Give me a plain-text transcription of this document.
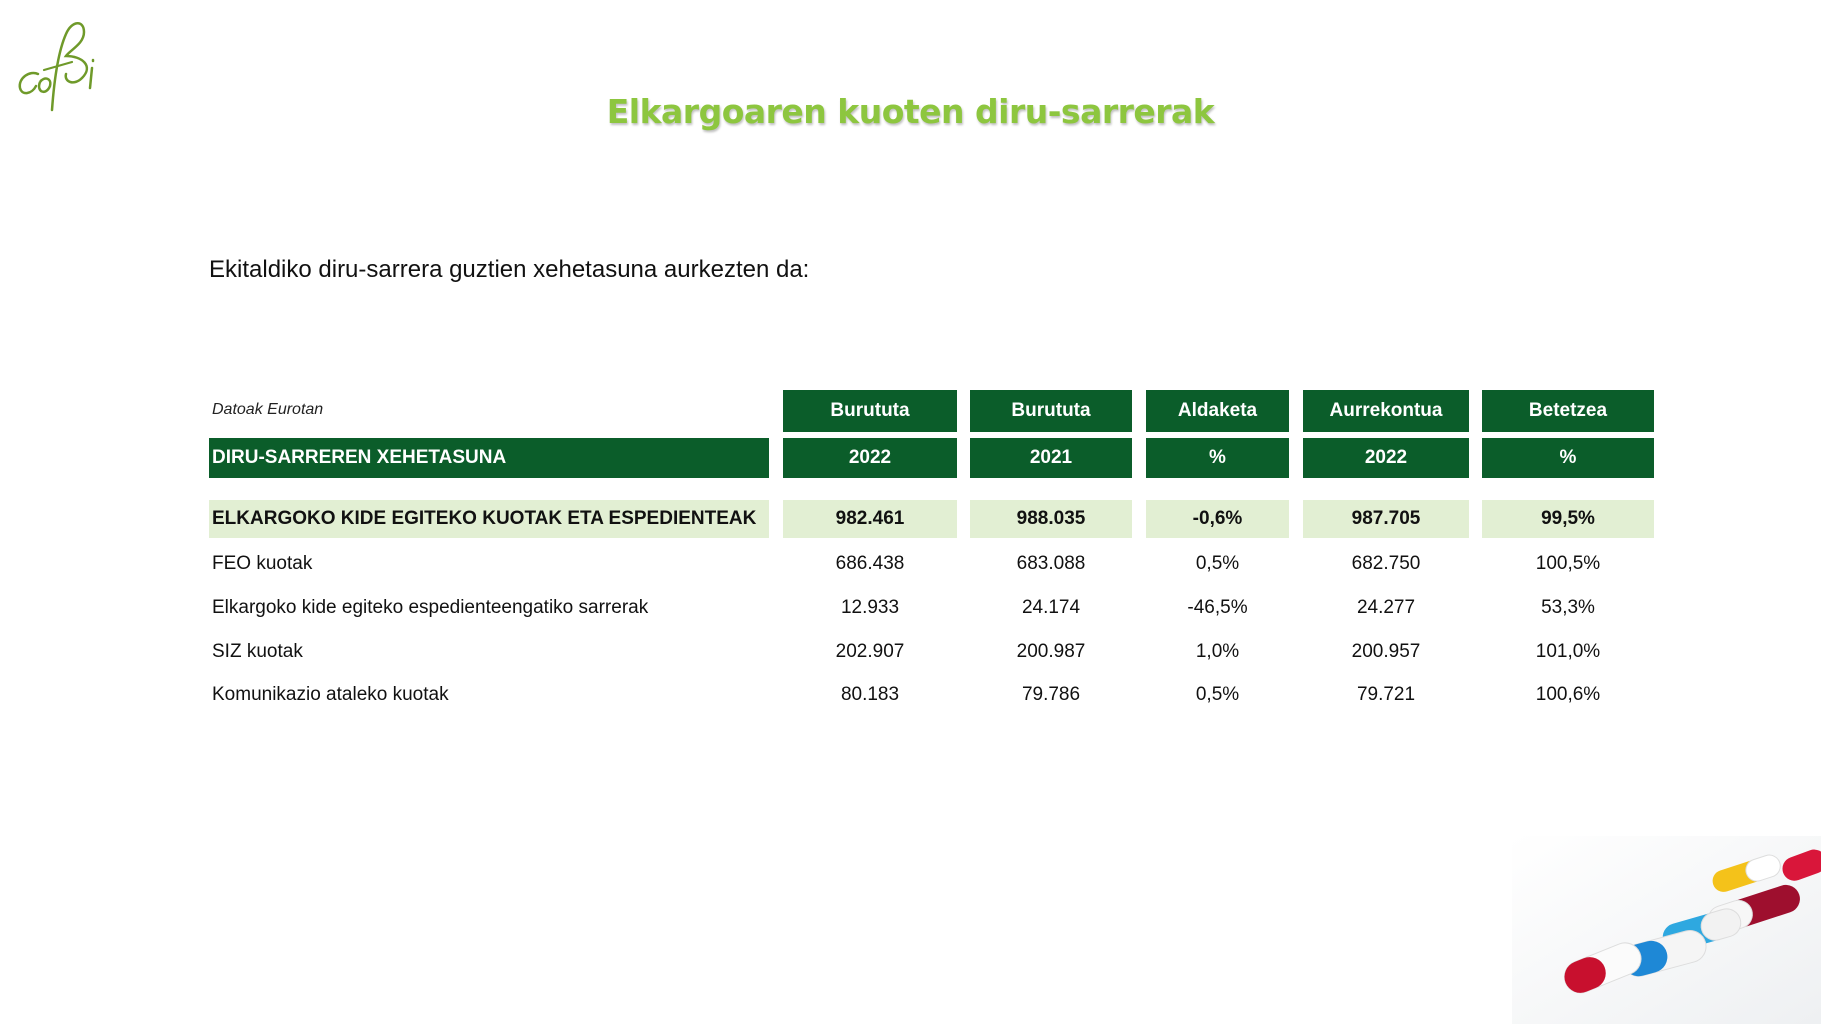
Elkargoaren kuoten diru-sarrerak
Ekitaldiko diru-sarrera guztien xehetasuna aurkezten da:
Datoak Eurotan	Burututa	Burututa	Aldaketa	Aurrekontua	Betetzea
DIRU-SARREREN XEHETASUNA	2022	2021	%	2022	%
ELKARGOKO KIDE EGITEKO KUOTAK ETA ESPEDIENTEAK	982.461	988.035	-0,6%	987.705	99,5%
FEO kuotak	686.438	683.088	0,5%	682.750	100,5%
Elkargoko kide egiteko espedienteengatiko sarrerak	12.933	24.174	-46,5%	24.277	53,3%
SIZ kuotak	202.907	200.987	1,0%	200.957	101,0%
Komunikazio ataleko kuotak	80.183	79.786	0,5%	79.721	100,6%
